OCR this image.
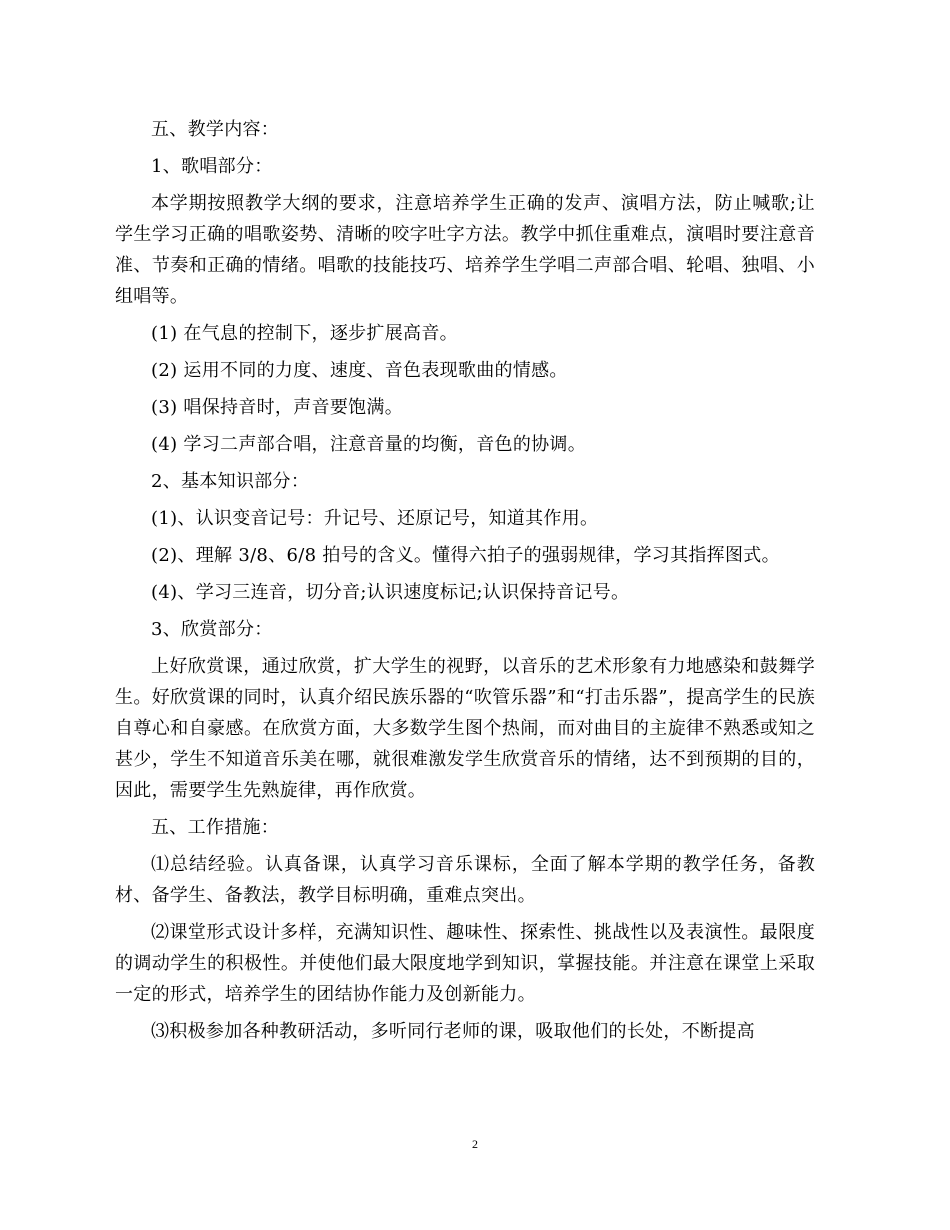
五、教学内容：

1、歌唱部分：

本学期按照教学大纲的要求，注意培养学生正确的发声、演唱方法，防止喊歌;让学生学习正确的唱歌姿势、清晰的咬字吐字方法。教学中抓住重难点，演唱时要注意音准、节奏和正确的情绪。唱歌的技能技巧、培养学生学唱二声部合唱、轮唱、独唱、小组唱等。

(1) 在气息的控制下，逐步扩展高音。

(2) 运用不同的力度、速度、音色表现歌曲的情感。

(3) 唱保持音时，声音要饱满。

(4) 学习二声部合唱，注意音量的均衡，音色的协调。

2、基本知识部分：

(1)、认识变音记号：升记号、还原记号，知道其作用。

(2)、理解 3/8、6/8 拍号的含义。懂得六拍子的强弱规律，学习其指挥图式。

(4)、学习三连音，切分音;认识速度标记;认识保持音记号。

3、欣赏部分：

上好欣赏课，通过欣赏，扩大学生的视野，以音乐的艺术形象有力地感染和鼓舞学生。好欣赏课的同时，认真介绍民族乐器的“吹管乐器”和“打击乐器”，提高学生的民族自尊心和自豪感。在欣赏方面，大多数学生图个热闹，而对曲目的主旋律不熟悉或知之甚少，学生不知道音乐美在哪，就很难激发学生欣赏音乐的情绪，达不到预期的目的，因此，需要学生先熟旋律，再作欣赏。

五、工作措施：

⑴总结经验。认真备课，认真学习音乐课标，全面了解本学期的教学任务，备教材、备学生、备教法，教学目标明确，重难点突出。

⑵课堂形式设计多样，充满知识性、趣味性、探索性、挑战性以及表演性。最限度的调动学生的积极性。并使他们最大限度地学到知识，掌握技能。并注意在课堂上采取一定的形式，培养学生的团结协作能力及创新能力。

⑶积极参加各种教研活动，多听同行老师的课，吸取他们的长处，不断提高

2
